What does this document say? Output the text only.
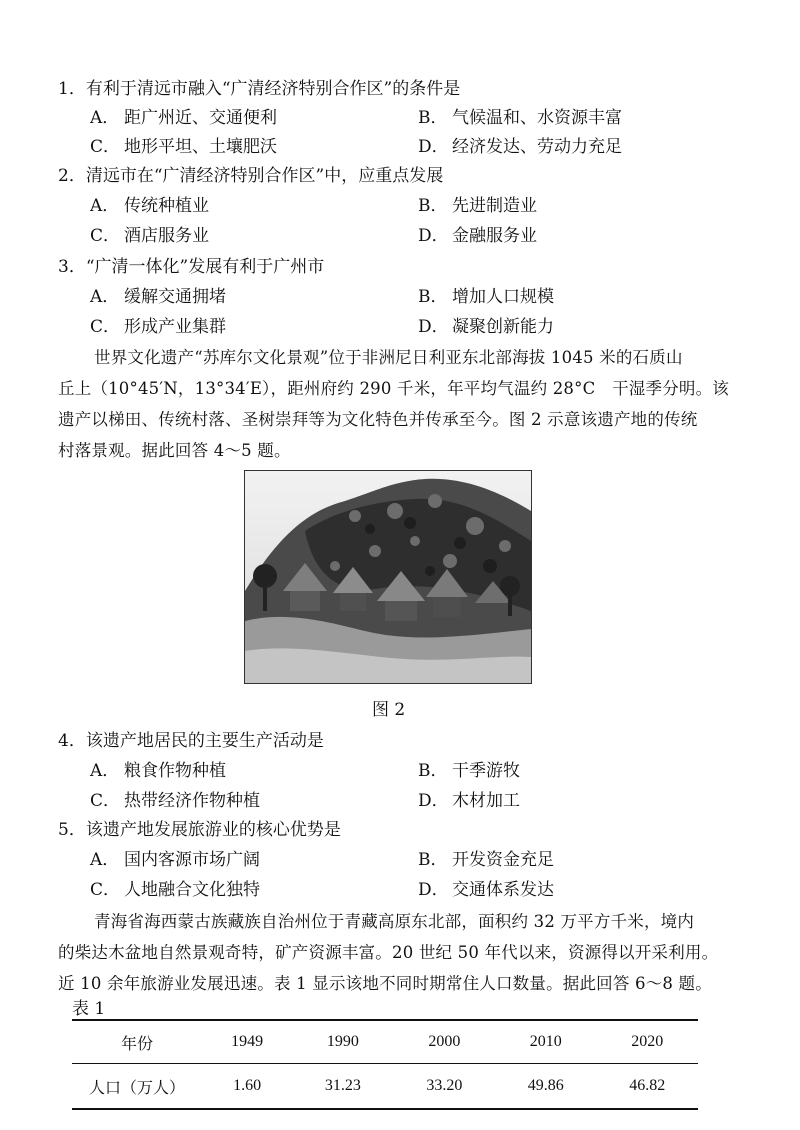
1．有利于清远市融入“广清经济特别合作区”的条件是
A． 距广州近、交通便利	B． 气候温和、水资源丰富
C． 地形平坦、土壤肥沃	D． 经济发达、劳动力充足
2．清远市在“广清经济特别合作区”中，应重点发展
A． 传统种植业	B． 先进制造业
C． 酒店服务业	D． 金融服务业
3．“广清一体化”发展有利于广州市
A． 缓解交通拥堵	B． 增加人口规模
C． 形成产业集群	D． 凝聚创新能力
世界文化遗产“苏库尔文化景观”位于非洲尼日利亚东北部海拔 1045 米的石质山
丘上（10°45′N，13°34′E），距州府约 290 千米，年平均气温约 28°C　干湿季分明。该
遗产以梯田、传统村落、圣树崇拜等为文化特色并传承至今。图 2 示意该遗产地的传统
村落景观。据此回答 4～5 题。
图 2
4．该遗产地居民的主要生产活动是
A． 粮食作物种植	B． 干季游牧
C． 热带经济作物种植	D． 木材加工
5．该遗产地发展旅游业的核心优势是
A． 国内客源市场广阔	B． 开发资金充足
C． 人地融合文化独特	D． 交通体系发达
青海省海西蒙古族藏族自治州位于青藏高原东北部，面积约 32 万平方千米，境内
的柴达木盆地自然景观奇特，矿产资源丰富。20 世纪 50 年代以来，资源得以开采利用。
近 10 余年旅游业发展迅速。表 1 显示该地不同时期常住人口数量。据此回答 6～8 题。
表 1
年份	1949	1990	2000	2010	2020
人口（万人）	1.60	31.23	33.20	49.86	46.82
